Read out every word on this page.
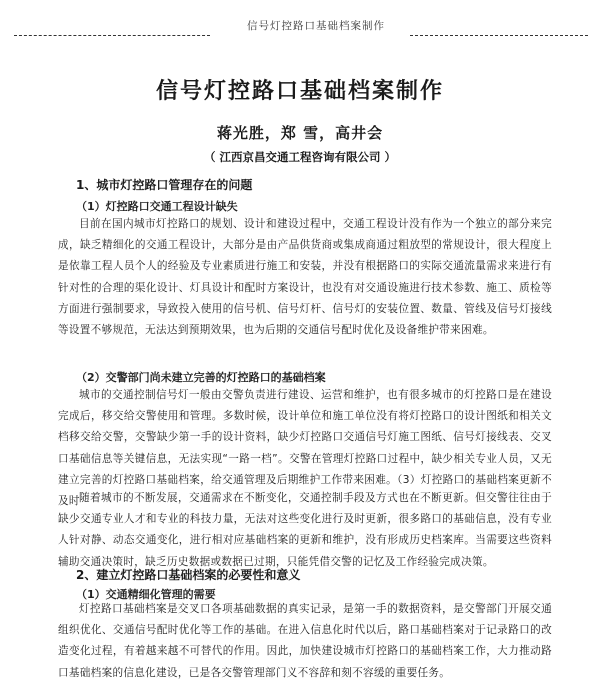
信号灯控路口基础档案制作
信号灯控路口基础档案制作
蒋光胜，郑 雪，高井会
（ 江西京昌交通工程咨询有限公司 ）
1、城市灯控路口管理存在的问题
（1）灯控路口交通工程设计缺失

目前在国内城市灯控路口的规划、设计和建设过程中，交通工程设计没有作为一个独立的部分来完成，缺乏精细化的交通工程设计，大部分是由产品供货商或集成商通过粗放型的常规设计，很大程度上是依靠工程人员个人的经验及专业素质进行施工和安装，并没有根据路口的实际交通流量需求来进行有针对性的合理的渠化设计、灯具设计和配时方案设计，也没有对交通设施进行技术参数、施工、质检等方面进行强制要求，导致投入使用的信号机、信号灯杆、信号灯的安装位置、数量、管线及信号灯接线等设置不够规范，无法达到预期效果，也为后期的交通信号配时优化及设备维护带来困难。

（2）交警部门尚未建立完善的灯控路口的基础档案

城市的交通控制信号灯一般由交警负责进行建设、运营和维护，也有很多城市的灯控路口是在建设完成后，移交给交警使用和管理。多数时候，设计单位和施工单位没有将灯控路口的设计图纸和相关文档移交给交警，交警缺少第一手的设计资料，缺少灯控路口交通信号灯施工图纸、信号灯接线表、交叉口基础信息等关键信息，无法实现“一路一档”。交警在管理灯控路口过程中，缺少相关专业人员，又无建立完善的灯控路口基础档案，给交通管理及后期维护工作带来困难。（3）灯控路口的基础档案更新不及时 随着城市的不断发展，交通需求在不断变化，交通控制手段及方式也在不断更新。但交警往往由于缺少交通专业人才和专业的科技力量，无法对这些变化进行及时更新，很多路口的基础信息，没有专业人针对静、动态交通变化，进行相对应基础档案的更新和维护，没有形成历史档案库。当需要这些资料辅助交通决策时，缺乏历史数据或数据已过期，只能凭借交警的记忆及工作经验完成决策。

2、建立灯控路口基础档案的必要性和意义
（1）交通精细化管理的需要

灯控路口基础档案是交叉口各项基础数据的真实记录，是第一手的数据资料，是交警部门开展交通组织优化、交通信号配时优化等工作的基础。在进入信息化时代以后，路口基础档案对于记录路口的改造变化过程，有着越来越不可替代的作用。因此，加快建设城市灯控路口的基础档案工作，大力推动路口基础档案的信息化建设，已是各交警管理部门义不容辞和刻不容缓的重要任务。
